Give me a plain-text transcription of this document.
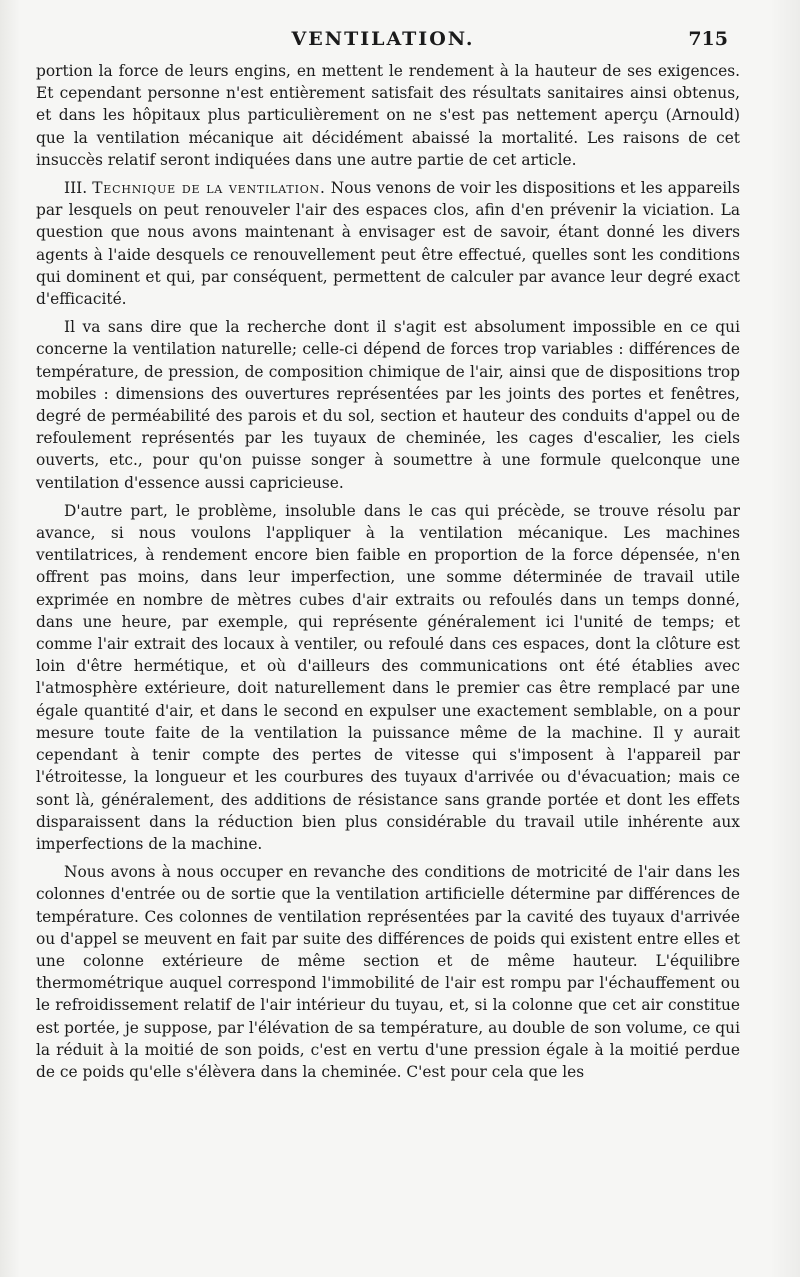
VENTILATION.	715

portion la force de leurs engins, en mettent le rendement à la hauteur de ses exigences. Et cependant personne n'est entièrement satisfait des résultats sanitaires ainsi obtenus, et dans les hôpitaux plus particulièrement on ne s'est pas nettement aperçu (Arnould) que la ventilation mécanique ait décidément abaissé la mortalité. Les raisons de cet insuccès relatif seront indiquées dans une autre partie de cet article.

III. Technique de la ventilation. Nous venons de voir les dispositions et les appareils par lesquels on peut renouveler l'air des espaces clos, afin d'en prévenir la viciation. La question que nous avons maintenant à envisager est de savoir, étant donné les divers agents à l'aide desquels ce renouvellement peut être effectué, quelles sont les conditions qui dominent et qui, par conséquent, permettent de calculer par avance leur degré exact d'efficacité.

Il va sans dire que la recherche dont il s'agit est absolument impossible en ce qui concerne la ventilation naturelle; celle-ci dépend de forces trop variables : différences de température, de pression, de composition chimique de l'air, ainsi que de dispositions trop mobiles : dimensions des ouvertures représentées par les joints des portes et fenêtres, degré de perméabilité des parois et du sol, section et hauteur des conduits d'appel ou de refoulement représentés par les tuyaux de cheminée, les cages d'escalier, les ciels ouverts, etc., pour qu'on puisse songer à soumettre à une formule quelconque une ventilation d'essence aussi capricieuse.

D'autre part, le problème, insoluble dans le cas qui précède, se trouve résolu par avance, si nous voulons l'appliquer à la ventilation mécanique. Les machines ventilatrices, à rendement encore bien faible en proportion de la force dépensée, n'en offrent pas moins, dans leur imperfection, une somme déterminée de travail utile exprimée en nombre de mètres cubes d'air extraits ou refoulés dans un temps donné, dans une heure, par exemple, qui représente généralement ici l'unité de temps; et comme l'air extrait des locaux à ventiler, ou refoulé dans ces espaces, dont la clôture est loin d'être hermétique, et où d'ailleurs des communications ont été établies avec l'atmosphère extérieure, doit naturellement dans le premier cas être remplacé par une égale quantité d'air, et dans le second en expulser une exactement semblable, on a pour mesure toute faite de la ventilation la puissance même de la machine. Il y aurait cependant à tenir compte des pertes de vitesse qui s'imposent à l'appareil par l'étroitesse, la longueur et les courbures des tuyaux d'arrivée ou d'évacuation; mais ce sont là, généralement, des additions de résistance sans grande portée et dont les effets disparaissent dans la réduction bien plus considérable du travail utile inhérente aux imperfections de la machine.

Nous avons à nous occuper en revanche des conditions de motricité de l'air dans les colonnes d'entrée ou de sortie que la ventilation artificielle détermine par différences de température. Ces colonnes de ventilation représentées par la cavité des tuyaux d'arrivée ou d'appel se meuvent en fait par suite des différences de poids qui existent entre elles et une colonne extérieure de même section et de même hauteur. L'équilibre thermométrique auquel correspond l'immobilité de l'air est rompu par l'échauffement ou le refroidissement relatif de l'air intérieur du tuyau, et, si la colonne que cet air constitue est portée, je suppose, par l'élévation de sa température, au double de son volume, ce qui la réduit à la moitié de son poids, c'est en vertu d'une pression égale à la moitié perdue de ce poids qu'elle s'élèvera dans la cheminée. C'est pour cela que les
